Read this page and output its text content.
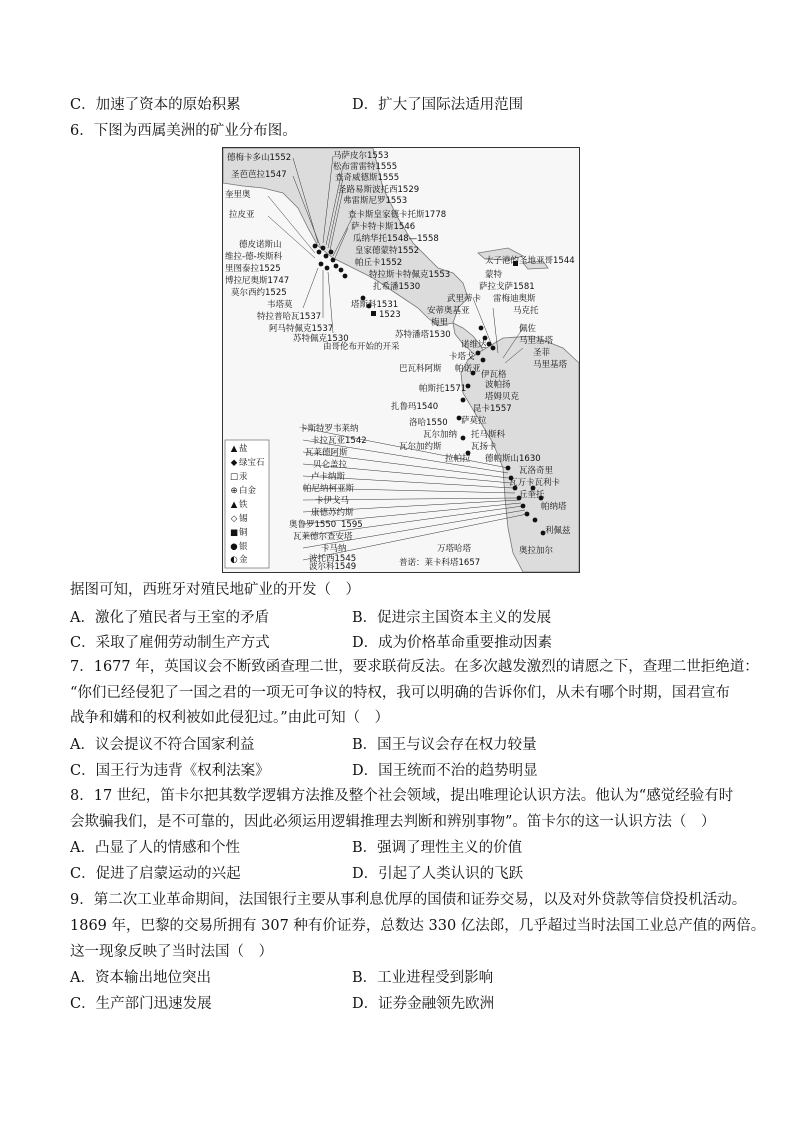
C．加速了资本的原始积累	D．扩大了国际法适用范围
6．下图为西属美洲的矿业分布图。
马萨皮尔1553
松布雷雷特1555
查奇威德斯1555
圣路易斯波托西1529
弗雷斯尼罗1553
查卡斯皇家德卡托斯1778
萨卡特卡斯1546
瓜纳华托1548—1558
皇家德蒙特1552
帕丘卡1552
特拉斯卡特佩克1553
扎希潘1530
塔斯科1531
1523
苏特潘塔1530
由哥伦布开始的开采
德梅卡多山1552
圣芭芭拉1547
奎里奥
拉皮亚
德皮诺斯山
维拉-德-埃斯科
里图泰拉1525
博拉尼奥斯1747
莫尔西约1525
韦塔莫
特拉普哈瓦1537
阿马特佩克1537
苏特佩克1530
太子港的圣地亚哥1544
蒙特
萨拉戈萨1581
雷梅迪奥斯
马克托
武里蒂卡
安蒂奥基亚
梅里
诺维达
卡塔戈
帕诺亚
佩佐
马里基塔
圣菲
马里基塔
巴瓦科阿斯
伊瓦格
波帕扬
塔姆贝克
帕斯托1571
昆卡1557
扎鲁玛1540
萨莫拉
洛哈1550
瓦尔加纳
瓦尔加约斯
托马斯科
瓦扬卡
卡斯特罗韦莱纳
卡拉瓦亚1542
瓦莱德阿斯
贝仑盖拉
卢卡纳斯
帕尼纳柯亚斯
卡伊戈马
康德苏约斯
奥鲁罗1550 1595
瓦莱德尔查安塔
卡马纳
波托西1545
波尔科1549
万塔哈塔
普诺：莱卡科塔1657
拉帕拉 德帕斯山1630
瓦洛奇里
瓦万卡瓦利卡
丘奎托
帕纳塔
利佩兹
奥拉加尔
▲ 盐
◆ 绿宝石
□汞
⊕白金
▲ 铁
◇ 锡
■铜
●银
◐金
据图可知，西班牙对殖民地矿业的开发（　）
A．激化了殖民者与王室的矛盾	B．促进宗主国资本主义的发展
C．采取了雇佣劳动制生产方式	D．成为价格革命重要推动因素
7．1677 年，英国议会不断致函查理二世，要求联荷反法。在多次越发激烈的请愿之下，查理二世拒绝道：
“你们已经侵犯了一国之君的一项无可争议的特权，我可以明确的告诉你们，从未有哪个时期，国君宣布
战争和媾和的权利被如此侵犯过。”由此可知（　）
A．议会提议不符合国家利益	B．国王与议会存在权力较量
C．国王行为违背《权利法案》	D．国王统而不治的趋势明显
8．17 世纪，笛卡尔把其数学逻辑方法推及整个社会领域，提出唯理论认识方法。他认为“感觉经验有时
会欺骗我们，是不可靠的，因此必须运用逻辑推理去判断和辨别事物”。笛卡尔的这一认识方法（　）
A．凸显了人的情感和个性	B．强调了理性主义的价值
C．促进了启蒙运动的兴起	D．引起了人类认识的飞跃
9．第二次工业革命期间，法国银行主要从事利息优厚的国债和证券交易，以及对外贷款等信贷投机活动。
1869 年，巴黎的交易所拥有 307 种有价证券，总数达 330 亿法郎，几乎超过当时法国工业总产值的两倍。
这一现象反映了当时法国（　）
A．资本输出地位突出	B．工业进程受到影响
C．生产部门迅速发展	D．证券金融领先欧洲
